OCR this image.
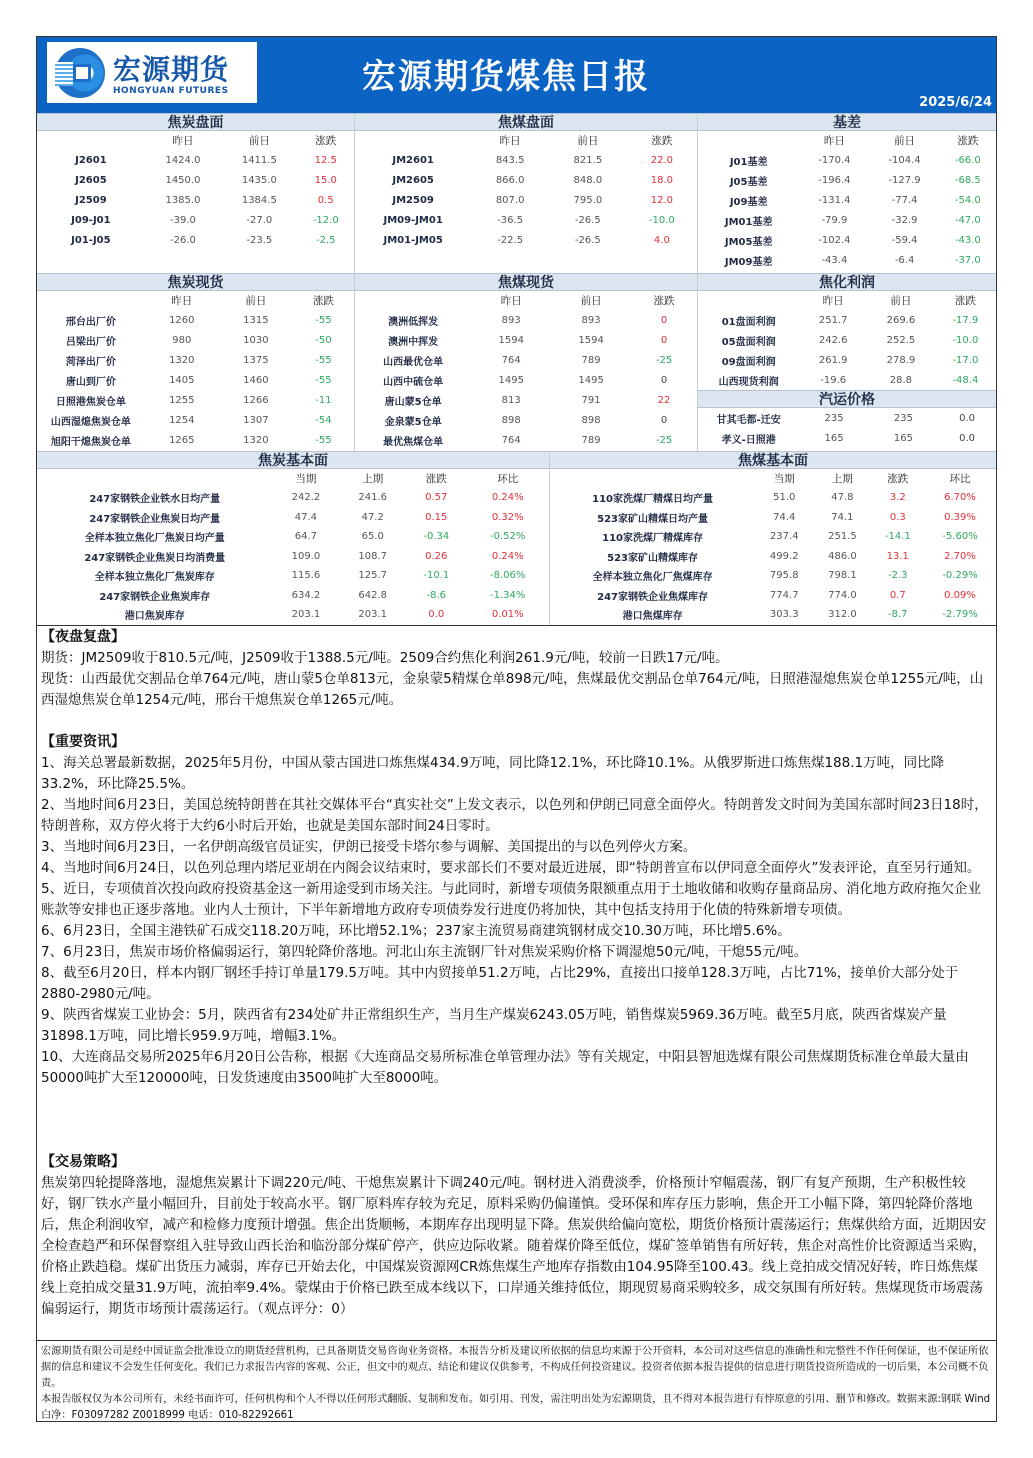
宏源期货
HONGYUAN FUTURES	宏源期货煤焦日报
2025/6/24
焦炭盘面
	昨日	前日	涨跌
J2601	1424.0	1411.5	12.5
J2605	1450.0	1435.0	15.0
J2509	1385.0	1384.5	0.5
J09-J01	-39.0	-27.0	-12.0
J01-J05	-26.0	-23.5	-2.5
焦煤盘面
	昨日	前日	涨跌
JM2601	843.5	821.5	22.0
JM2605	866.0	848.0	18.0
JM2509	807.0	795.0	12.0
JM09-JM01	-36.5	-26.5	-10.0
JM01-JM05	-22.5	-26.5	4.0
基差
	昨日	前日	涨跌
J01基差	-170.4	-104.4	-66.0
J05基差	-196.4	-127.9	-68.5
J09基差	-131.4	-77.4	-54.0
JM01基差	-79.9	-32.9	-47.0
JM05基差	-102.4	-59.4	-43.0
JM09基差	-43.4	-6.4	-37.0
焦炭现货
	昨日	前日	涨跌
邢台出厂价	1260	1315	-55
吕梁出厂价	980	1030	-50
菏泽出厂价	1320	1375	-55
唐山到厂价	1405	1460	-55
日照港焦炭仓单	1255	1266	-11
山西湿熄焦炭仓单	1254	1307	-54
旭阳干熄焦炭仓单	1265	1320	-55
焦煤现货
	昨日	前日	涨跌
澳洲低挥发	893	893	0
澳洲中挥发	1594	1594	0
山西最优仓单	764	789	-25
山西中硫仓单	1495	1495	0
唐山蒙5仓单	813	791	22
金泉蒙5仓单	898	898	0
最优焦煤仓单	764	789	-25
焦化利润
	昨日	前日	涨跌
01盘面利润	251.7	269.6	-17.9
05盘面利润	242.6	252.5	-10.0
09盘面利润	261.9	278.9	-17.0
山西现货利润	-19.6	28.8	-48.4
汽运价格
甘其毛都-迁安	235	235	0.0
孝义-日照港	165	165	0.0
焦炭基本面
	当期	上期	涨跌	环比
247家钢铁企业铁水日均产量	242.2	241.6	0.57	0.24%
247家钢铁企业焦炭日均产量	47.4	47.2	0.15	0.32%
全样本独立焦化厂焦炭日均产量	64.7	65.0	-0.34	-0.52%
247家钢铁企业焦炭日均消费量	109.0	108.7	0.26	0.24%
全样本独立焦化厂焦炭库存	115.6	125.7	-10.1	-8.06%
247家钢铁企业焦炭库存	634.2	642.8	-8.6	-1.34%
港口焦炭库存	203.1	203.1	0.0	0.01%
焦煤基本面
	当期	上期	涨跌	环比
110家洗煤厂精煤日均产量	51.0	47.8	3.2	6.70%
523家矿山精煤日均产量	74.4	74.1	0.3	0.39%
110家洗煤厂精煤库存	237.4	251.5	-14.1	-5.60%
523家矿山精煤库存	499.2	486.0	13.1	2.70%
全样本独立焦化厂焦煤库存	795.8	798.1	-2.3	-0.29%
247家钢铁企业焦煤库存	774.7	774.0	0.7	0.09%
港口焦煤库存	303.3	312.0	-8.7	-2.79%
【夜盘复盘】
期货：JM2509收于810.5元/吨，J2509收于1388.5元/吨。2509合约焦化利润261.9元/吨，较前一日跌17元/吨。
现货：山西最优交割品仓单764元/吨，唐山蒙5仓单813元，金泉蒙5精煤仓单898元/吨，焦煤最优交割品仓单764元/吨，日照港湿熄焦炭仓单1255元/吨，山西湿熄焦炭仓单1254元/吨，邢台干熄焦炭仓单1265元/吨。
【重要资讯】
1、海关总署最新数据，2025年5月份，中国从蒙古国进口炼焦煤434.9万吨，同比降12.1%，环比降10.1%。从俄罗斯进口炼焦煤188.1万吨，同比降33.2%，环比降25.5%。
2、当地时间6月23日，美国总统特朗普在其社交媒体平台“真实社交”上发文表示，以色列和伊朗已同意全面停火。特朗普发文时间为美国东部时间23日18时，特朗普称，双方停火将于大约6小时后开始，也就是美国东部时间24日零时。
3、当地时间6月23日，一名伊朗高级官员证实，伊朗已接受卡塔尔参与调解、美国提出的与以色列停火方案。
4、当地时间6月24日，以色列总理内塔尼亚胡在内阁会议结束时，要求部长们不要对最近进展，即“特朗普宣布以伊同意全面停火”发表评论，直至另行通知。
5、近日，专项债首次投向政府投资基金这一新用途受到市场关注。与此同时，新增专项债务限额重点用于土地收储和收购存量商品房、消化地方政府拖欠企业账款等安排也正逐步落地。业内人士预计，下半年新增地方政府专项债券发行进度仍将加快，其中包括支持用于化债的特殊新增专项债。
6、6月23日，全国主港铁矿石成交118.20万吨，环比增52.1%；237家主流贸易商建筑钢材成交10.30万吨，环比增5.6%。
7、6月23日，焦炭市场价格偏弱运行，第四轮降价落地。河北山东主流钢厂针对焦炭采购价格下调湿熄50元/吨，干熄55元/吨。
8、截至6月20日，样本内钢厂钢坯手持订单量179.5万吨。其中内贸接单51.2万吨，占比29%，直接出口接单128.3万吨，占比71%，接单价大部分处于2880-2980元/吨。
9、陕西省煤炭工业协会：5月，陕西省有234处矿井正常组织生产，当月生产煤炭6243.05万吨，销售煤炭5969.36万吨。截至5月底，陕西省煤炭产量31898.1万吨，同比增长959.9万吨，增幅3.1%。
10、大连商品交易所2025年6月20日公告称，根据《大连商品交易所标准仓单管理办法》等有关规定，中阳县智旭选煤有限公司焦煤期货标准仓单最大量由50000吨扩大至120000吨，日发货速度由3500吨扩大至8000吨。
【交易策略】
焦炭第四轮提降落地，湿熄焦炭累计下调220元/吨、干熄焦炭累计下调240元/吨。钢材进入消费淡季，价格预计窄幅震荡，钢厂有复产预期，生产积极性较好，钢厂铁水产量小幅回升，目前处于较高水平。钢厂原料库存较为充足，原料采购仍偏谨慎。受环保和库存压力影响，焦企开工小幅下降，第四轮降价落地后，焦企利润收窄，减产和检修力度预计增强。焦企出货顺畅，本期库存出现明显下降。焦炭供给偏向宽松，期货价格预计震荡运行；焦煤供给方面，近期因安全检查趋严和环保督察组入驻导致山西长治和临汾部分煤矿停产，供应边际收紧。随着煤价降至低位，煤矿签单销售有所好转，焦企对高性价比资源适当采购，价格止跌趋稳。煤矿出货压力减弱，库存已开始去化，中国煤炭资源网CR炼焦煤生产地库存指数由104.95降至100.43。线上竞拍成交情况好转，昨日炼焦煤线上竞拍成交量31.9万吨，流拍率9.4%。蒙煤由于价格已跌至成本线以下，口岸通关维持低位，期现贸易商采购较多，成交氛围有所好转。焦煤现货市场震荡偏弱运行，期货市场预计震荡运行。（观点评分：0）
宏源期货有限公司是经中国证监会批准设立的期货经营机构，已具备期货交易咨询业务资格。本报告分析及建议所依据的信息均来源于公开资料，本公司对这些信息的准确性和完整性不作任何保证，也不保证所依据的信息和建议不会发生任何变化。我们已力求报告内容的客观、公正，但文中的观点、结论和建议仅供参考，不构成任何投资建议。投资者依据本报告提供的信息进行期货投资所造成的一切后果，本公司概不负责。
本报告版权仅为本公司所有，未经书面许可，任何机构和个人不得以任何形式翻版、复制和发布。如引用、刊发，需注明出处为宏源期货，且不得对本报告进行有悖原意的引用、删节和修改。数据来源:钢联 Wind 白净：F03097282 Z0018999 电话：010-82292661
